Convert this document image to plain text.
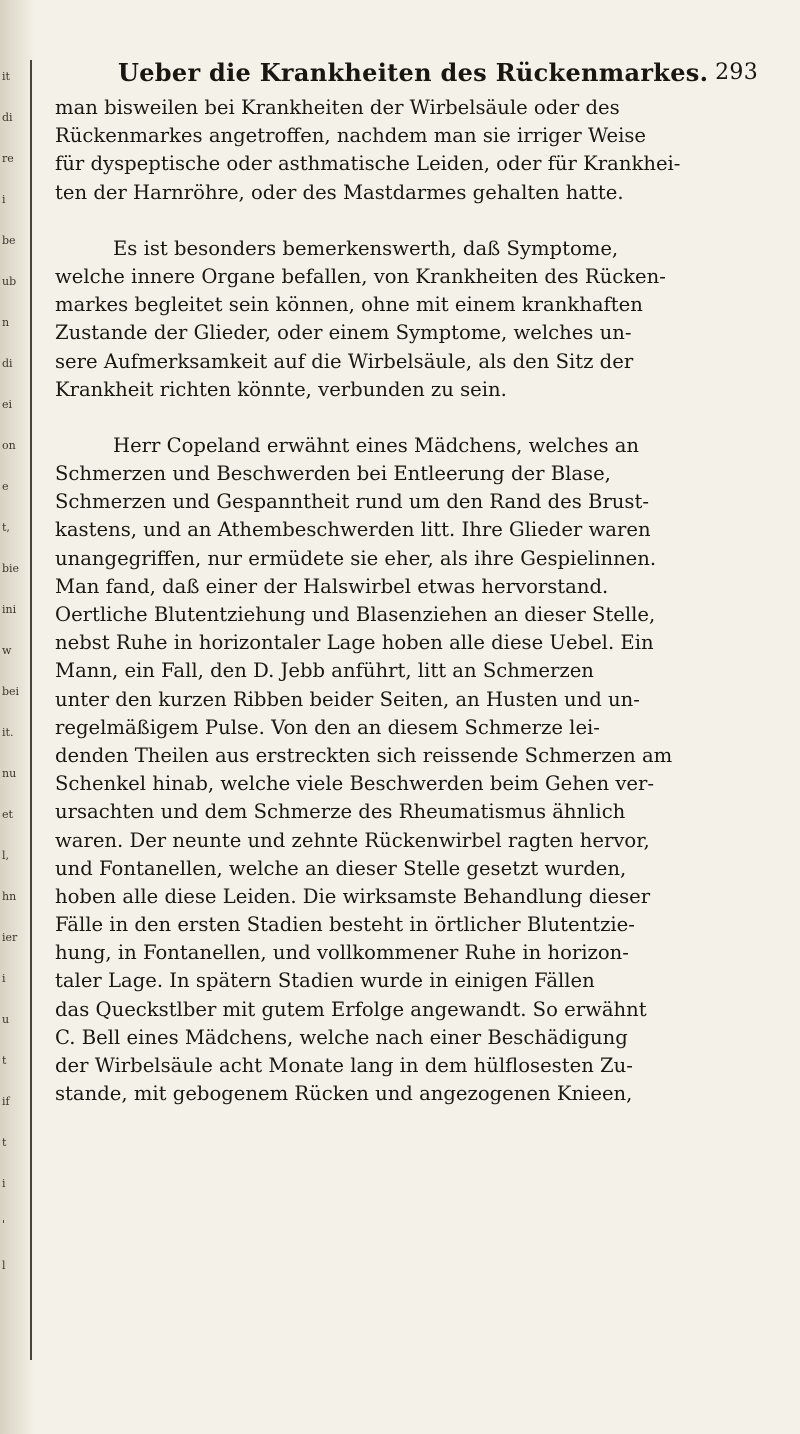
it
di
re
i
be
ub
n
di
ei
on
e
t,
bie
ini
w
bei
it.
nu
et
l,
hn
ier
i
u
t
if
t
i
'
l
Ueber die Krankheiten des Rückenmarkes. 293
man bisweilen bei Krankheiten der Wirbelsäule oder des
Rückenmarkes angetroffen, nachdem man sie irriger Weise
für dyspeptische oder asthmatische Leiden, oder für Krankhei-
ten der Harnröhre, oder des Mastdarmes gehalten hatte.
Es ist besonders bemerkenswerth, daß Symptome,
welche innere Organe befallen, von Krankheiten des Rücken-
markes begleitet sein können, ohne mit einem krankhaften
Zustande der Glieder, oder einem Symptome, welches un-
sere Aufmerksamkeit auf die Wirbelsäule, als den Sitz der
Krankheit richten könnte, verbunden zu sein.
Herr Copeland erwähnt eines Mädchens, welches an
Schmerzen und Beschwerden bei Entleerung der Blase,
Schmerzen und Gespanntheit rund um den Rand des Brust-
kastens, und an Athembeschwerden litt. Ihre Glieder waren
unangegriffen, nur ermüdete sie eher, als ihre Gespielinnen.
Man fand, daß einer der Halswirbel etwas hervorstand.
Oertliche Blutentziehung und Blasenziehen an dieser Stelle,
nebst Ruhe in horizontaler Lage hoben alle diese Uebel. Ein
Mann, ein Fall, den D. Jebb anführt, litt an Schmerzen
unter den kurzen Ribben beider Seiten, an Husten und un-
regelmäßigem Pulse. Von den an diesem Schmerze lei-
denden Theilen aus erstreckten sich reissende Schmerzen am
Schenkel hinab, welche viele Beschwerden beim Gehen ver-
ursachten und dem Schmerze des Rheumatismus ähnlich
waren. Der neunte und zehnte Rückenwirbel ragten hervor,
und Fontanellen, welche an dieser Stelle gesetzt wurden,
hoben alle diese Leiden. Die wirksamste Behandlung dieser
Fälle in den ersten Stadien besteht in örtlicher Blutentzie-
hung, in Fontanellen, und vollkommener Ruhe in horizon-
taler Lage. In spätern Stadien wurde in einigen Fällen
das Queckstlber mit gutem Erfolge angewandt. So erwähnt
C. Bell eines Mädchens, welche nach einer Beschädigung
der Wirbelsäule acht Monate lang in dem hülflosesten Zu-
stande, mit gebogenem Rücken und angezogenen Knieen,
